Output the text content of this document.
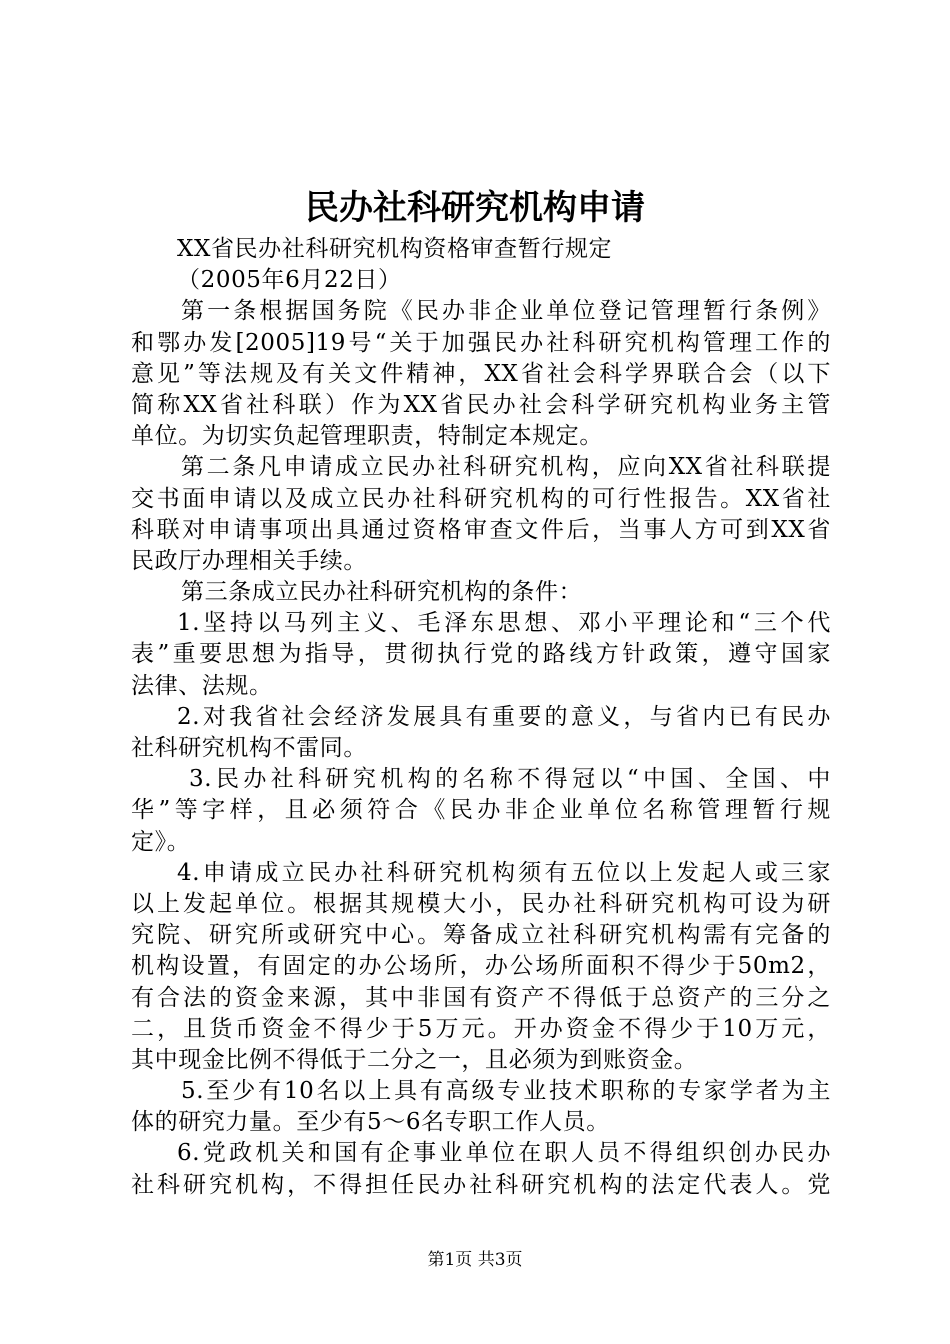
民办社科研究机构申请
XX省民办社科研究机构资格审查暂行规定
（2005年6月22日）
第一条根据国务院《民办非企业单位登记管理暂行条例》
和鄂办发[2005]19号“关于加强民办社科研究机构管理工作的
意见”等法规及有关文件精神，XX省社会科学界联合会（以下
简称XX省社科联）作为XX省民办社会科学研究机构业务主管
单位。为切实负起管理职责，特制定本规定。
第二条凡申请成立民办社科研究机构，应向XX省社科联提
交书面申请以及成立民办社科研究机构的可行性报告。XX省社
科联对申请事项出具通过资格审查文件后，当事人方可到XX省
民政厅办理相关手续。
第三条成立民办社科研究机构的条件：
1.坚持以马列主义、毛泽东思想、邓小平理论和“三个代
表”重要思想为指导，贯彻执行党的路线方针政策，遵守国家
法律、法规。
2.对我省社会经济发展具有重要的意义，与省内已有民办
社科研究机构不雷同。
3.民办社科研究机构的名称不得冠以“中国、全国、中
华”等字样，且必须符合《民办非企业单位名称管理暂行规
定》。
4.申请成立民办社科研究机构须有五位以上发起人或三家
以上发起单位。根据其规模大小，民办社科研究机构可设为研
究院、研究所或研究中心。筹备成立社科研究机构需有完备的
机构设置，有固定的办公场所，办公场所面积不得少于50m2，
有合法的资金来源，其中非国有资产不得低于总资产的三分之
二，且货币资金不得少于5万元。开办资金不得少于10万元，
其中现金比例不得低于二分之一，且必须为到账资金。
5.至少有10名以上具有高级专业技术职称的专家学者为主
体的研究力量。至少有5～6名专职工作人员。
6.党政机关和国有企事业单位在职人员不得组织创办民办
社科研究机构，不得担任民办社科研究机构的法定代表人。党
第1页 共3页
